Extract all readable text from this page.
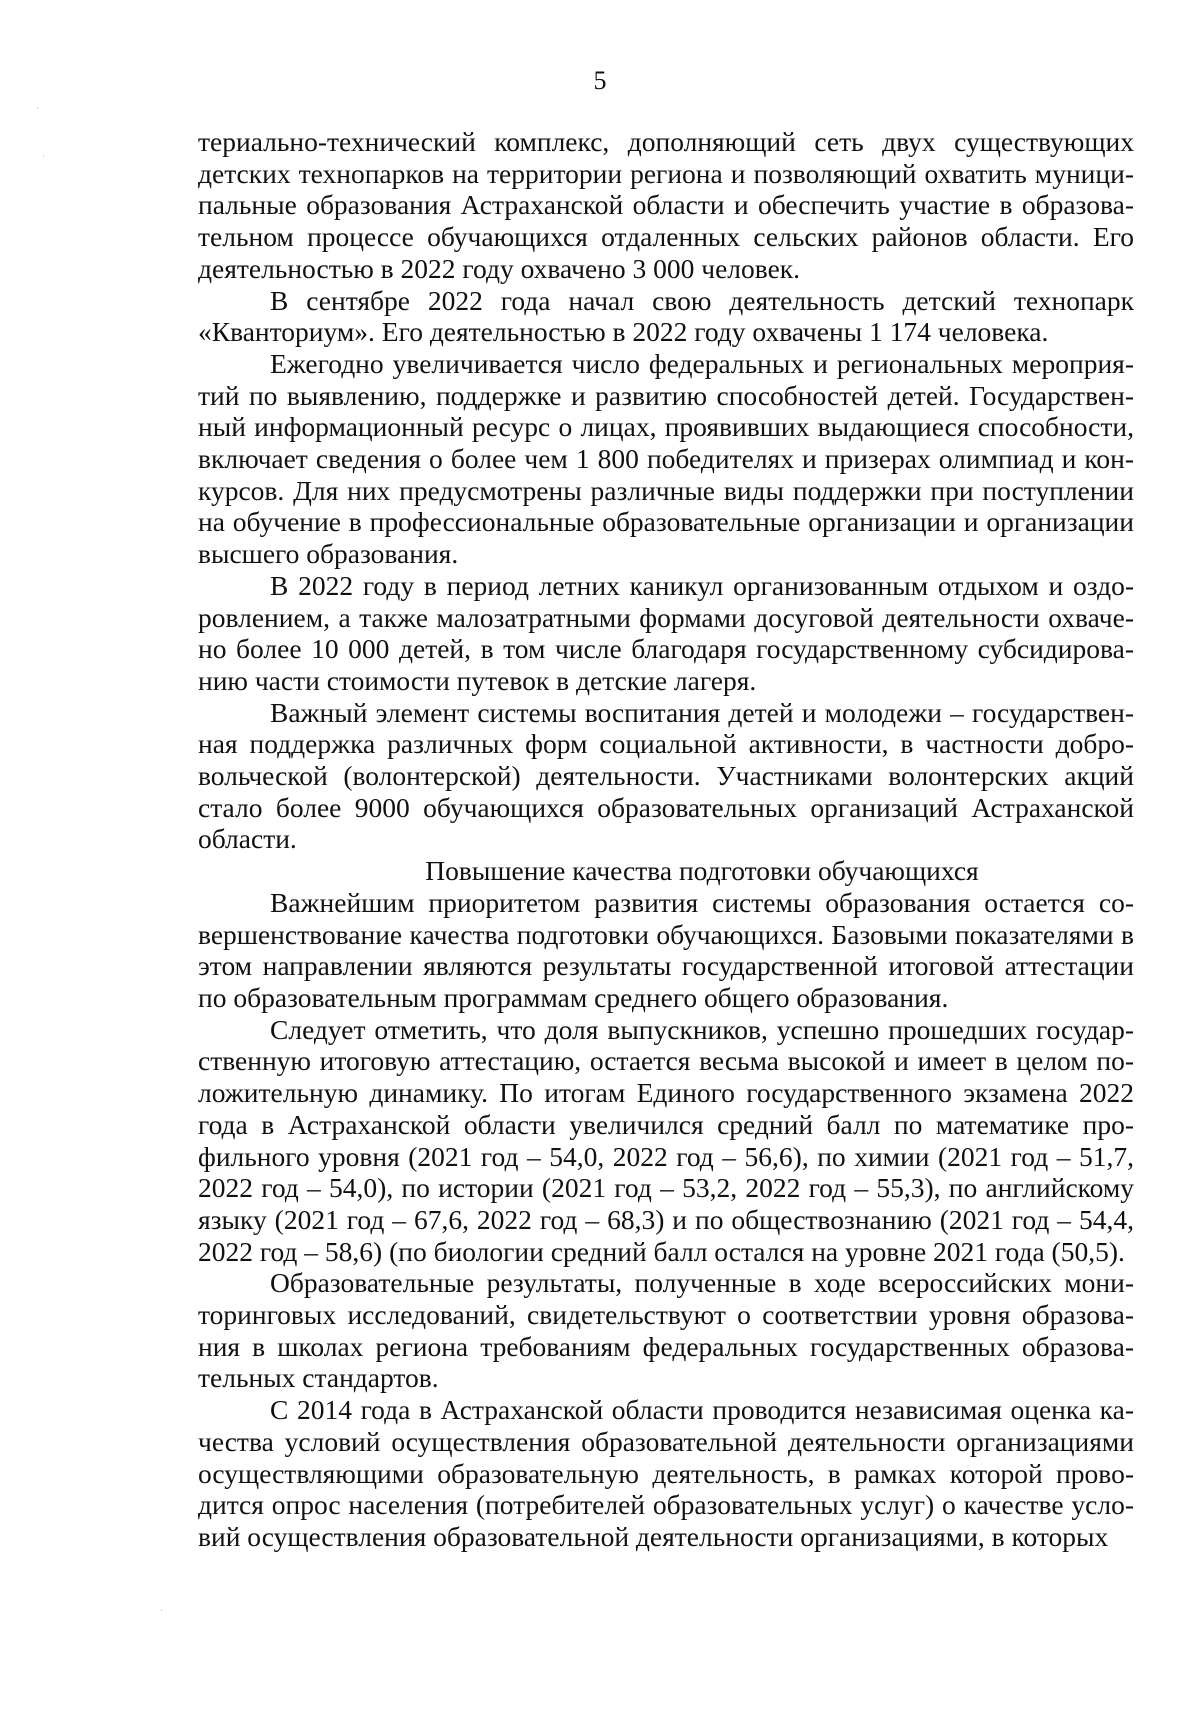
·
·
·
5

териально-технический комплекс, дополняющий сеть двух существующих детских технопарков на территории региона и позволяющий охватить муниципальные образования Астраханской области и обеспечить участие в образовательном процессе обучающихся отдаленных сельских районов области. Его деятельностью в 2022 году охвачено 3 000 человек.

В сентябре 2022 года начал свою деятельность детский технопарк «Кванториум». Его деятельностью в 2022 году охвачены 1 174 человека.

Ежегодно увеличивается число федеральных и региональных мероприятий по выявлению, поддержке и развитию способностей детей. Государственный информационный ресурс о лицах, проявивших выдающиеся способности, включает сведения о более чем 1 800 победителях и призерах олимпиад и конкурсов. Для них предусмотрены различные виды поддержки при поступлении на обучение в профессиональные образовательные организации и организации высшего образования.

В 2022 году в период летних каникул организованным отдыхом и оздоровлением, а также малозатратными формами досуговой деятельности охвачено более 10 000 детей, в том числе благодаря государственному субсидированию части стоимости путевок в детские лагеря.

Важный элемент системы воспитания детей и молодежи – государственная поддержка различных форм социальной активности, в частности добровольческой (волонтерской) деятельности. Участниками волонтерских акций стало более 9000 обучающихся образовательных организаций Астраханской области.

Повышение качества подготовки обучающихся

Важнейшим приоритетом развития системы образования остается совершенствование качества подготовки обучающихся. Базовыми показателями в этом направлении являются результаты государственной итоговой аттестации по образовательным программам среднего общего образования.

Следует отметить, что доля выпускников, успешно прошедших государственную итоговую аттестацию, остается весьма высокой и имеет в целом положительную динамику. По итогам Единого государственного экзамена 2022 года в Астраханской области увеличился средний балл по математике профильного уровня (2021 год – 54,0, 2022 год – 56,6), по химии (2021 год – 51,7, 2022 год – 54,0), по истории (2021 год – 53,2, 2022 год – 55,3), по английскому языку (2021 год – 67,6, 2022 год – 68,3) и по обществознанию (2021 год – 54,4, 2022 год – 58,6) (по биологии средний балл остался на уровне 2021 года (50,5).

Образовательные результаты, полученные в ходе всероссийских мониторинговых исследований, свидетельствуют о соответствии уровня образования в школах региона требованиям федеральных государственных образовательных стандартов.

С 2014 года в Астраханской области проводится независимая оценка качества условий осуществления образовательной деятельности организациями осуществляющими образовательную деятельность, в рамках которой проводится опрос населения (потребителей образовательных услуг) о качестве условий осуществления образовательной деятельности организациями, в которых
